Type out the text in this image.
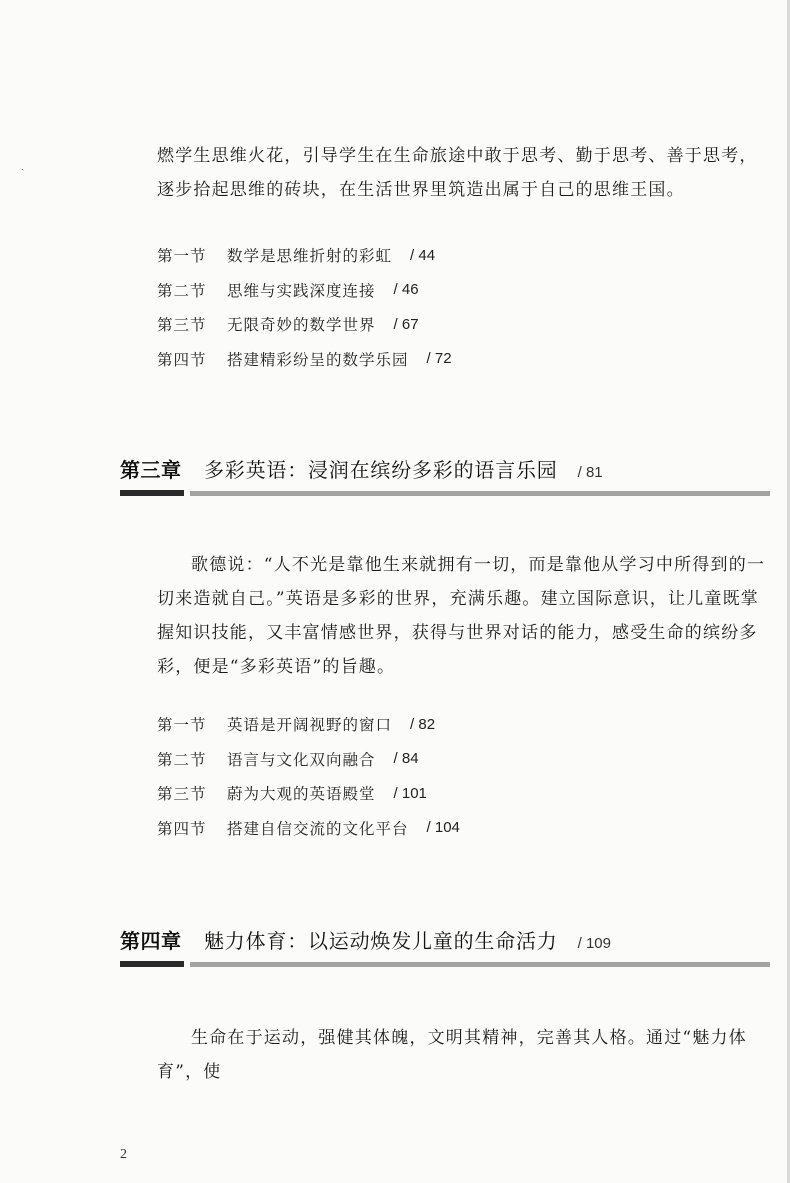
ˏ	燃学生思维火花，引导学生在生命旅途中敢于思考、勤于思考、善于思考，逐步拾起思维的砖块，在生活世界里筑造出属于自己的思维王国。

第一节	数学是思维折射的彩虹 / 44
第二节	思维与实践深度连接 / 46
第三节	无限奇妙的数学世界 / 67
第四节	搭建精彩纷呈的数学乐园 / 72
第三章	多彩英语：浸润在缤纷多彩的语言乐园 / 81

歌德说：“人不光是靠他生来就拥有一切，而是靠他从学习中所得到的一切来造就自己。”英语是多彩的世界，充满乐趣。建立国际意识，让儿童既掌握知识技能，又丰富情感世界，获得与世界对话的能力，感受生命的缤纷多彩，便是“多彩英语”的旨趣。

第一节	英语是开阔视野的窗口 / 82
第二节	语言与文化双向融合 / 84
第三节	蔚为大观的英语殿堂 / 101
第四节	搭建自信交流的文化平台 / 104
第四章	魅力体育：以运动焕发儿童的生命活力 / 109

生命在于运动，强健其体魄，文明其精神，完善其人格。通过“魅力体育”，使

2
